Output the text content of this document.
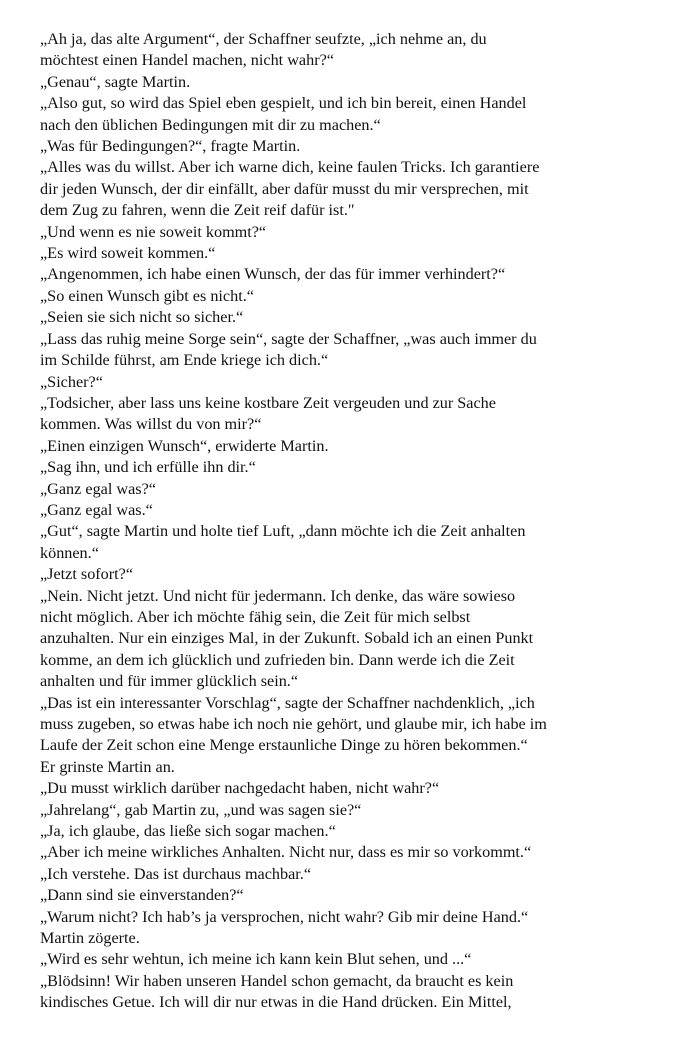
„Ah ja, das alte Argument“, der Schaffner seufzte, „ich nehme an, du
möchtest einen Handel machen, nicht wahr?“

„Genau“, sagte Martin.

„Also gut, so wird das Spiel eben gespielt, und ich bin bereit, einen Handel
nach den üblichen Bedingungen mit dir zu machen.“

„Was für Bedingungen?“, fragte Martin.

„Alles was du willst. Aber ich warne dich, keine faulen Tricks. Ich garantiere
dir jeden Wunsch, der dir einfällt, aber dafür musst du mir versprechen, mit
dem Zug zu fahren, wenn die Zeit reif dafür ist."

„Und wenn es nie soweit kommt?“

„Es wird soweit kommen.“

„Angenommen, ich habe einen Wunsch, der das für immer verhindert?“

„So einen Wunsch gibt es nicht.“

„Seien sie sich nicht so sicher.“

„Lass das ruhig meine Sorge sein“, sagte der Schaffner, „was auch immer du
im Schilde führst, am Ende kriege ich dich.“

„Sicher?“

„Todsicher, aber lass uns keine kostbare Zeit vergeuden und zur Sache
kommen. Was willst du von mir?“

„Einen einzigen Wunsch“, erwiderte Martin.

„Sag ihn, und ich erfülle ihn dir.“

„Ganz egal was?“

„Ganz egal was.“

„Gut“, sagte Martin und holte tief Luft, „dann möchte ich die Zeit anhalten
können.“

„Jetzt sofort?“

„Nein. Nicht jetzt. Und nicht für jedermann. Ich denke, das wäre sowieso
nicht möglich. Aber ich möchte fähig sein, die Zeit für mich selbst
anzuhalten. Nur ein einziges Mal, in der Zukunft. Sobald ich an einen Punkt
komme, an dem ich glücklich und zufrieden bin. Dann werde ich die Zeit
anhalten und für immer glücklich sein.“

„Das ist ein interessanter Vorschlag“, sagte der Schaffner nachdenklich, „ich
muss zugeben, so etwas habe ich noch nie gehört, und glaube mir, ich habe im
Laufe der Zeit schon eine Menge erstaunliche Dinge zu hören bekommen.“
Er grinste Martin an.

„Du musst wirklich darüber nachgedacht haben, nicht wahr?“

„Jahrelang“, gab Martin zu, „und was sagen sie?“

„Ja, ich glaube, das ließe sich sogar machen.“

„Aber ich meine wirkliches Anhalten. Nicht nur, dass es mir so vorkommt.“

„Ich verstehe. Das ist durchaus machbar.“

„Dann sind sie einverstanden?“

„Warum nicht? Ich hab’s ja versprochen, nicht wahr? Gib mir deine Hand.“
Martin zögerte.

„Wird es sehr wehtun, ich meine ich kann kein Blut sehen, und ...“

„Blödsinn! Wir haben unseren Handel schon gemacht, da braucht es kein
kindisches Getue. Ich will dir nur etwas in die Hand drücken. Ein Mittel,
